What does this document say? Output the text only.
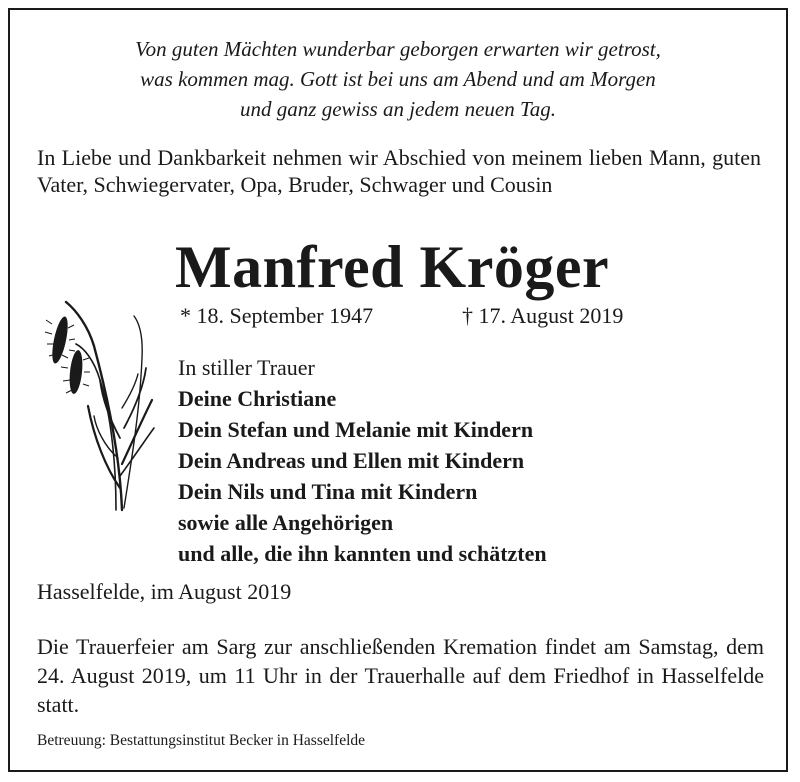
Von guten Mächten wunderbar geborgen erwarten wir getrost,
was kommen mag. Gott ist bei uns am Abend und am Morgen
und ganz gewiss an jedem neuen Tag.
In Liebe und Dankbarkeit nehmen wir Abschied von meinem lieben Mann, guten Vater, Schwiegervater, Opa, Bruder, Schwager und Cousin
Manfred Kröger
* 18. September 1947	† 17. August 2019
In stiller Trauer
Deine Christiane
Dein Stefan und Melanie mit Kindern
Dein Andreas und Ellen mit Kindern
Dein Nils und Tina mit Kindern
sowie alle Angehörigen
und alle, die ihn kannten und schätzten
Hasselfelde, im August 2019
Die Trauerfeier am Sarg zur anschließenden Kremation findet am Samstag, dem 24. August 2019, um 11 Uhr in der Trauerhalle auf dem Friedhof in Hasselfelde statt.
Betreuung: Bestattungsinstitut Becker in Hasselfelde
